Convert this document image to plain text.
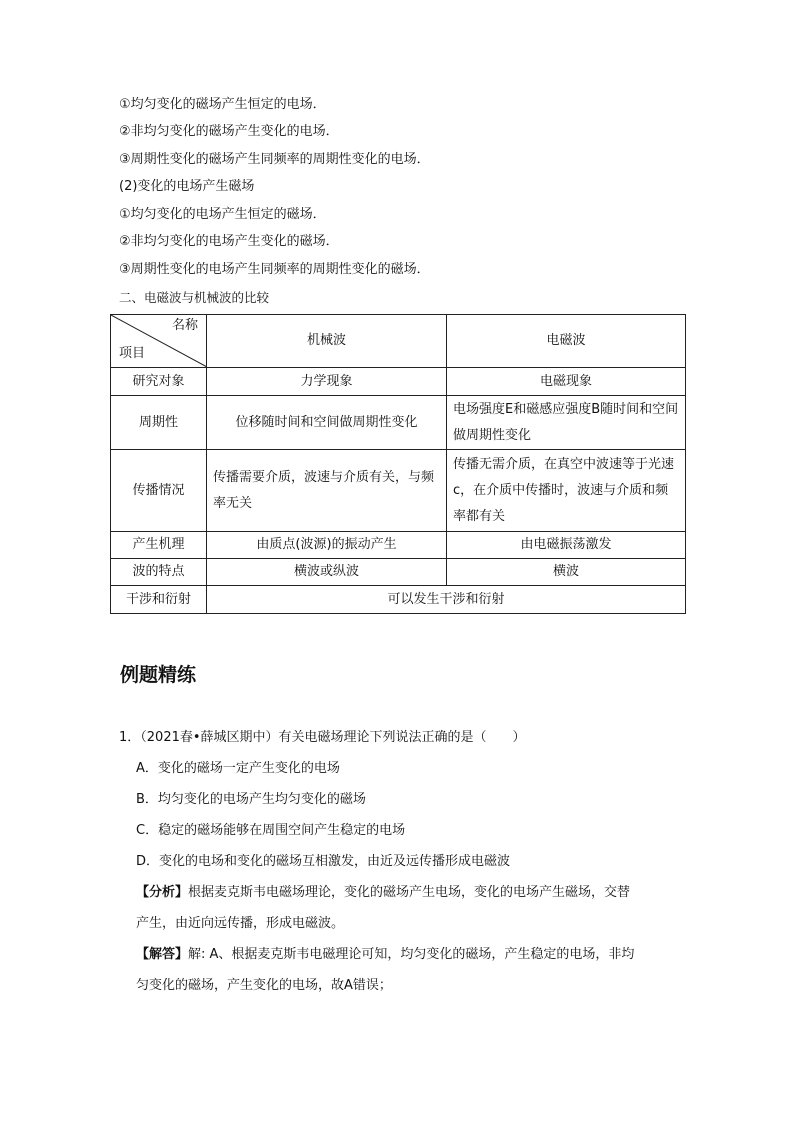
①均匀变化的磁场产生恒定的电场．
②非均匀变化的磁场产生变化的电场．
③周期性变化的磁场产生同频率的周期性变化的电场．
(2)变化的电场产生磁场
①均匀变化的电场产生恒定的磁场．
②非均匀变化的电场产生变化的磁场．
③周期性变化的电场产生同频率的周期性变化的磁场．
二、电磁波与机械波的比较
名称
项目	机械波	电磁波
研究对象	力学现象	电磁现象
周期性	位移随时间和空间做周期性变化	电场强度E和磁感应强度B随时间和空间做周期性变化
传播情况	传播需要介质，波速与介质有关，与频率无关	传播无需介质，在真空中波速等于光速c，在介质中传播时，波速与介质和频率都有关
产生机理	由质点(波源)的振动产生	由电磁振荡激发
波的特点	横波或纵波	横波
干涉和衍射	可以发生干涉和衍射	
例题精练
1．（2021春•薛城区期中）有关电磁场理论下列说法正确的是（　　）
A．变化的磁场一定产生变化的电场
B．均匀变化的电场产生均匀变化的磁场
C．稳定的磁场能够在周围空间产生稳定的电场
D．变化的电场和变化的磁场互相激发，由近及远传播形成电磁波
【分析】根据麦克斯韦电磁场理论，变化的磁场产生电场，变化的电场产生磁场，交替
产生，由近向远传播，形成电磁波。
【解答】解: A、根据麦克斯韦电磁理论可知，均匀变化的磁场，产生稳定的电场，非均
匀变化的磁场，产生变化的电场，故A错误；
